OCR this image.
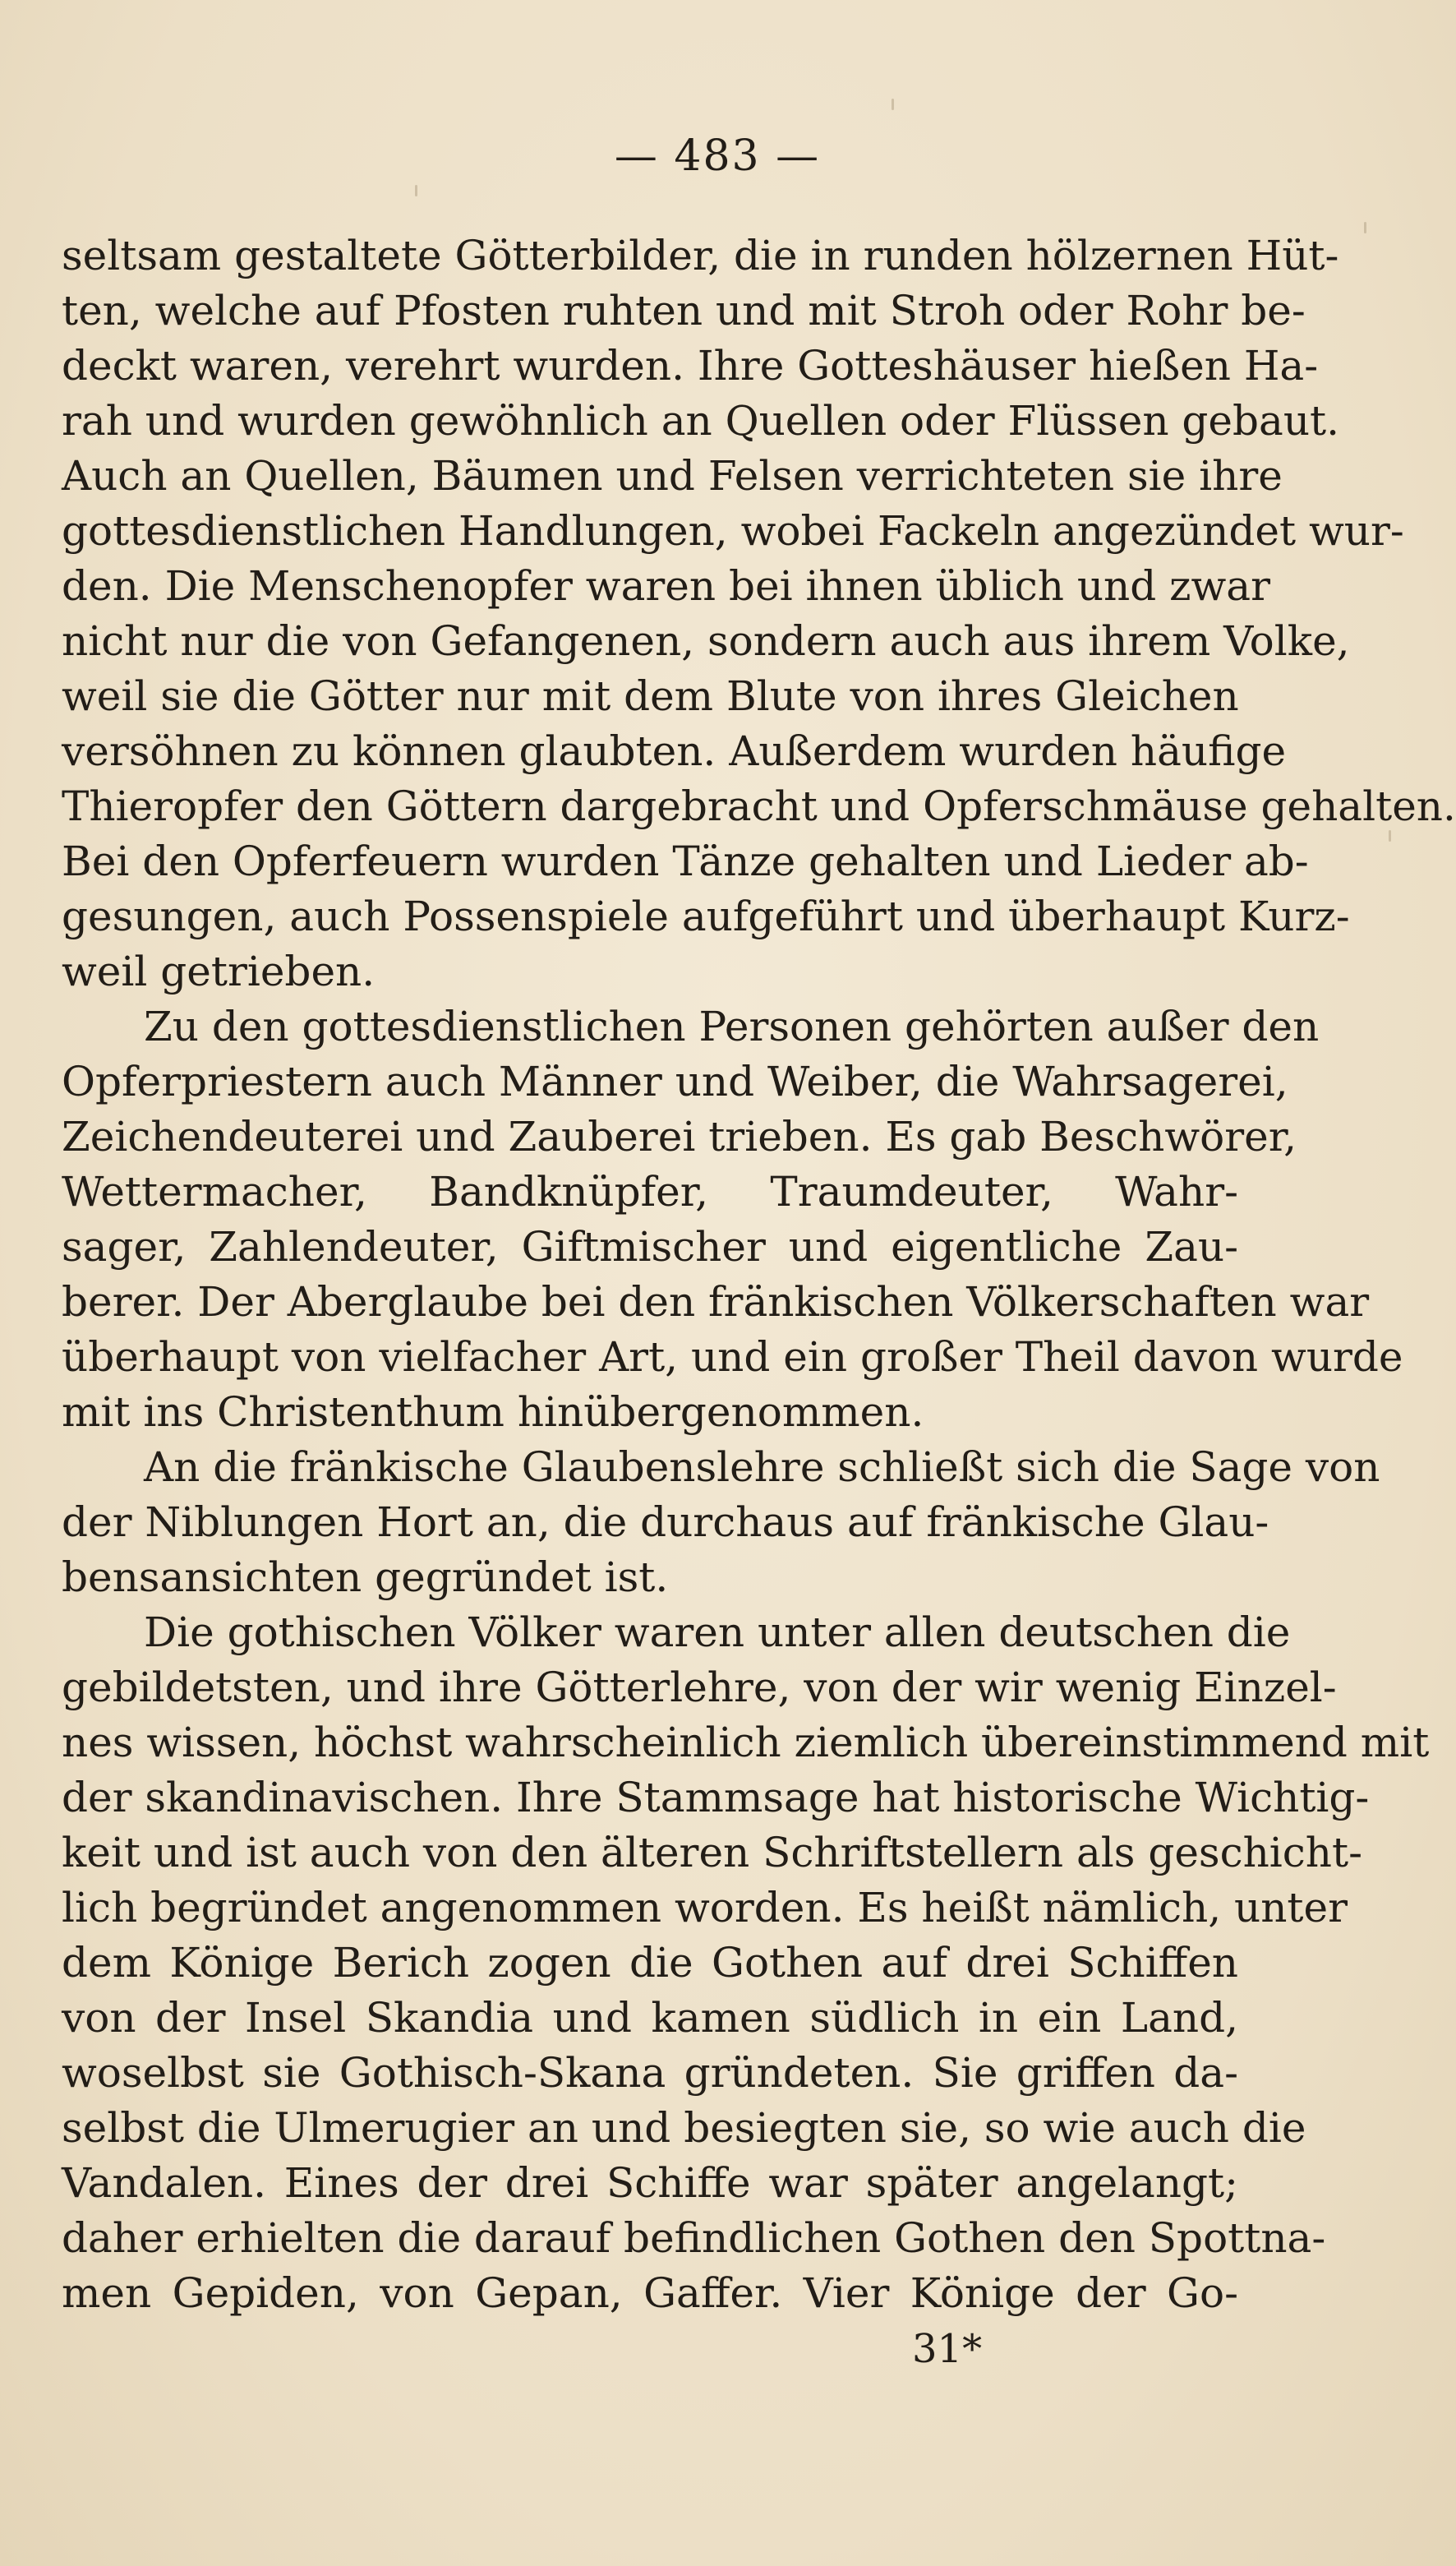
— 483 —
seltsam gestaltete Götterbilder, die in runden hölzernen Hüt-
ten, welche auf Pfosten ruhten und mit Stroh oder Rohr be-
deckt waren, verehrt wurden. Ihre Gotteshäuser hießen Ha-
rah und wurden gewöhnlich an Quellen oder Flüssen gebaut.
Auch an Quellen, Bäumen und Felsen verrichteten sie ihre
gottesdienstlichen Handlungen, wobei Fackeln angezündet wur-
den. Die Menschenopfer waren bei ihnen üblich und zwar
nicht nur die von Gefangenen, sondern auch aus ihrem Volke,
weil sie die Götter nur mit dem Blute von ihres Gleichen
versöhnen zu können glaubten. Außerdem wurden häufige
Thieropfer den Göttern dargebracht und Opferschmäuse gehalten.
Bei den Opferfeuern wurden Tänze gehalten und Lieder ab-
gesungen, auch Possenspiele aufgeführt und überhaupt Kurz-
weil getrieben.
Zu den gottesdienstlichen Personen gehörten außer den
Opferpriestern auch Männer und Weiber, die Wahrsagerei,
Zeichendeuterei und Zauberei trieben. Es gab Beschwörer,
Wettermacher, Bandknüpfer, Traumdeuter, Wahr-
sager, Zahlendeuter, Giftmischer und eigentliche Zau-
berer. Der Aberglaube bei den fränkischen Völkerschaften war
überhaupt von vielfacher Art, und ein großer Theil davon wurde
mit ins Christenthum hinübergenommen.
An die fränkische Glaubenslehre schließt sich die Sage von
der Niblungen Hort an, die durchaus auf fränkische Glau-
bensansichten gegründet ist.
Die gothischen Völker waren unter allen deutschen die
gebildetsten, und ihre Götterlehre, von der wir wenig Einzel-
nes wissen, höchst wahrscheinlich ziemlich übereinstimmend mit
der skandinavischen. Ihre Stammsage hat historische Wichtig-
keit und ist auch von den älteren Schriftstellern als geschicht-
lich begründet angenommen worden. Es heißt nämlich, unter
dem Könige Berich zogen die Gothen auf drei Schiffen
von der Insel Skandia und kamen südlich in ein Land,
woselbst sie Gothisch-Skana gründeten. Sie griffen da-
selbst die Ulmerugier an und besiegten sie, so wie auch die
Vandalen. Eines der drei Schiffe war später angelangt;
daher erhielten die darauf befindlichen Gothen den Spottna-
men Gepiden, von Gepan, Gaffer. Vier Könige der Go-
31*
